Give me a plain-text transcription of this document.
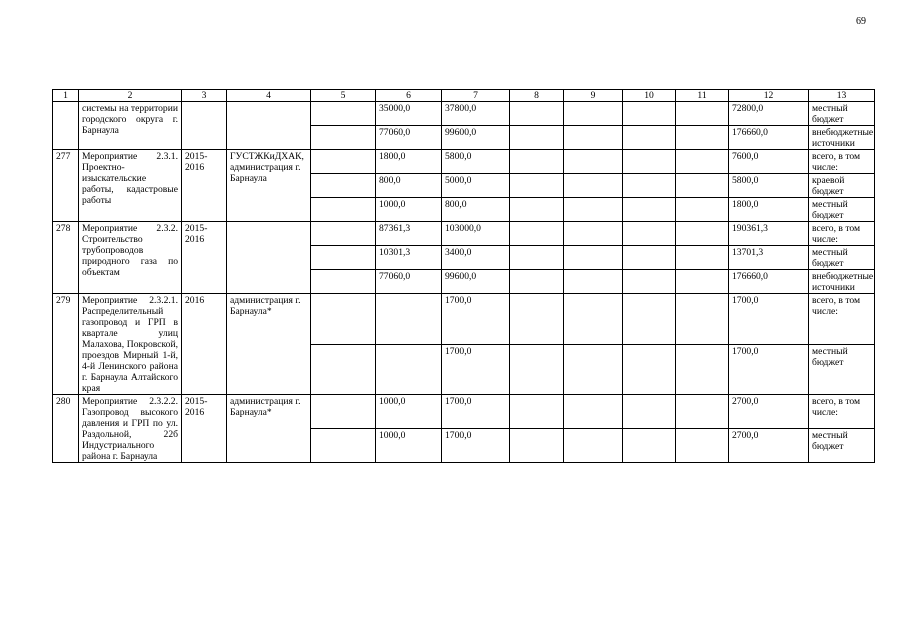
69
1	2	3	4	5	6	7	8	9	10	11	12	13
	системы на территории городского округа г. Барнаула				35000,0	37800,0					72800,0	местный бюджет
					77060,0	99600,0					176660,0	внебюджетные источники
277	Мероприятие 2.3.1. Проектно-изыскательские работы, кадастровые работы	2015-2016	ГУСТЖКиДХАК, администрация г. Барнаула		1800,0	5800,0					7600,0	всего, в том числе:
					800,0	5000,0					5800,0	краевой бюджет
					1000,0	800,0					1800,0	местный бюджет
278	Мероприятие 2.3.2. Строительство трубопроводов природного газа по объектам	2015-2016			87361,3	103000,0					190361,3	всего, в том числе:
					10301,3	3400,0					13701,3	местный бюджет
					77060,0	99600,0					176660,0	внебюджетные источники
279	Мероприятие 2.3.2.1. Распределительный газопровод и ГРП в квартале улиц Малахова, Покровской, проездов Мирный 1-й, 4-й Ленинского района г. Барнаула Алтайского края	2016	администрация г. Барнаула*			1700,0					1700,0	всего, в том числе:
						1700,0					1700,0	местный бюджет
280	Мероприятие 2.3.2.2. Газопровод высокого давления и ГРП по ул. Раздольной, 22б Индустриального района г. Барнаула	2015-2016	администрация г. Барнаула*		1000,0	1700,0					2700,0	всего, в том числе:
					1000,0	1700,0					2700,0	местный бюджет
